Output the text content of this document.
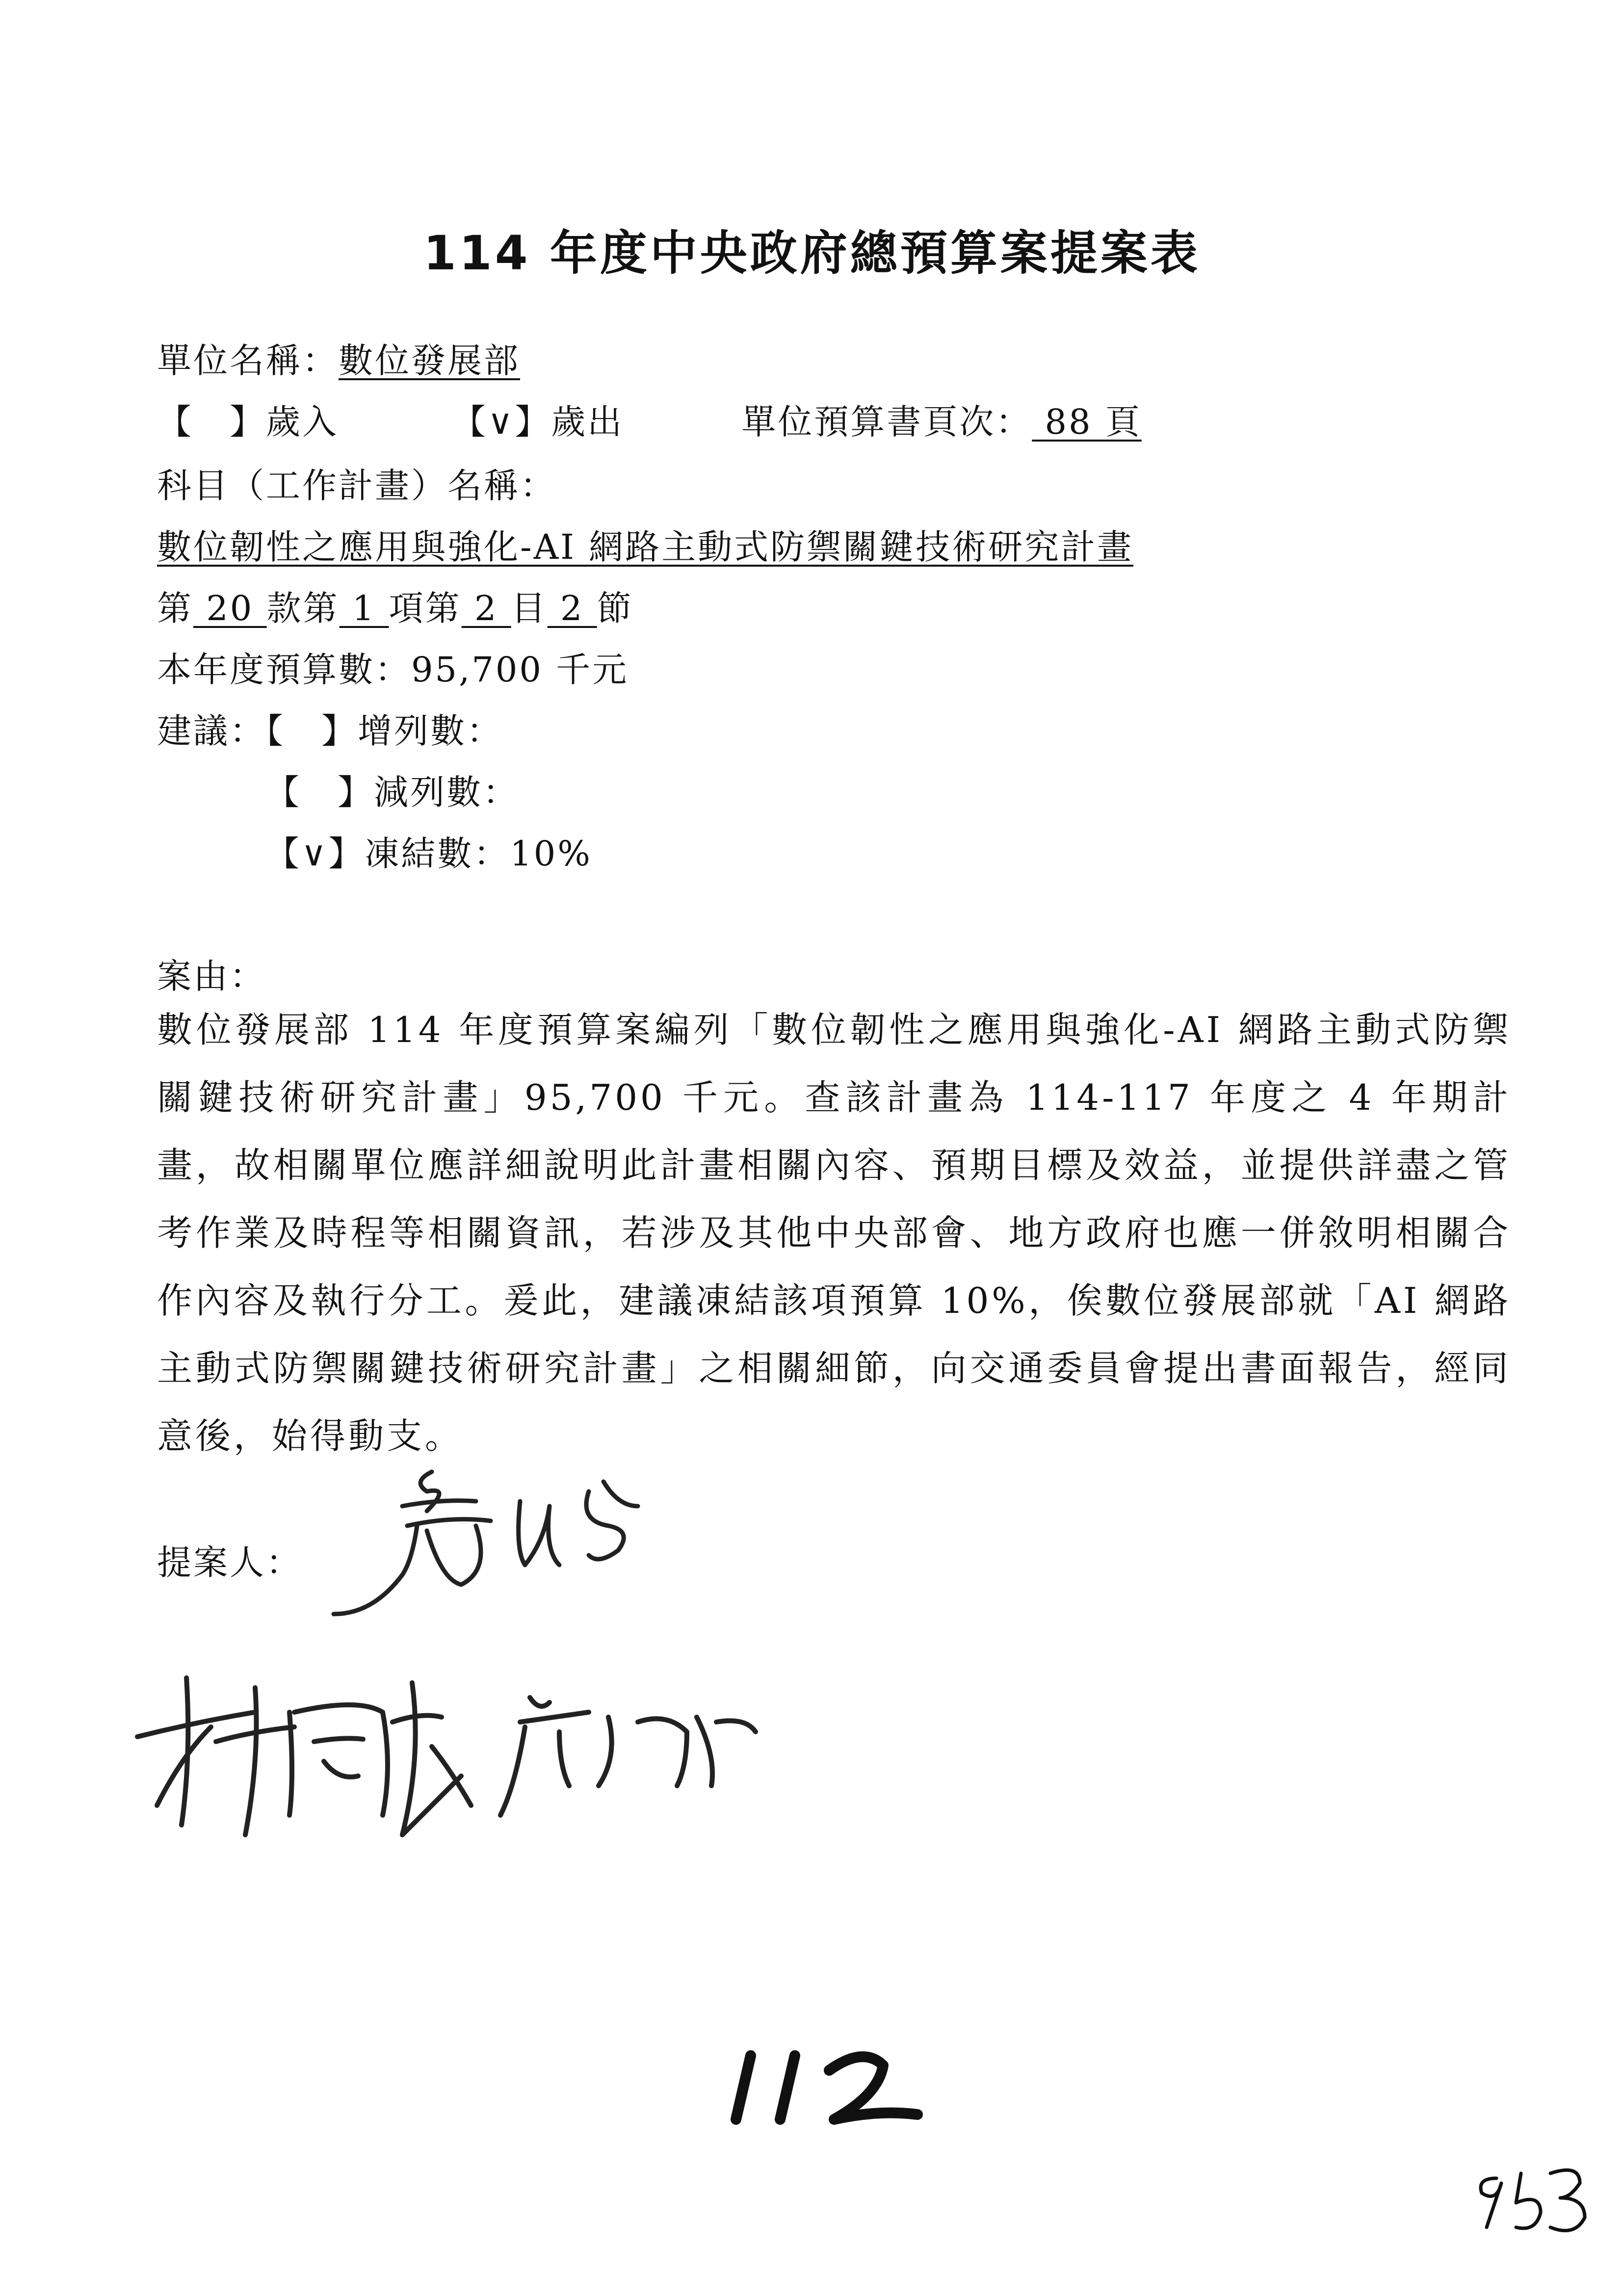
114 年度中央政府總預算案提案表
單位名稱：數位發展部
【　】歲入	【∨】歲出	單位預算書頁次： 88 頁
科目（工作計畫）名稱：
數位韌性之應用與強化-AI 網路主動式防禦關鍵技術研究計畫
第 20 款第 1 項第 2 目 2 節
本年度預算數：95,700 千元
建議：【　】增列數：
【　】減列數：
【∨】凍結數：10%
案由：
數位發展部 114 年度預算案編列「數位韌性之應用與強化-AI 網路主動式防禦關鍵技術研究計畫」95,700 千元。查該計畫為 114-117 年度之 4 年期計畫，故相關單位應詳細說明此計畫相關內容、預期目標及效益，並提供詳盡之管考作業及時程等相關資訊，若涉及其他中央部會、地方政府也應一併敘明相關合作內容及執行分工。爰此，建議凍結該項預算 10%，俟數位發展部就「AI 網路主動式防禦關鍵技術研究計畫」之相關細節，向交通委員會提出書面報告，經同意後，始得動支。
提案人：
